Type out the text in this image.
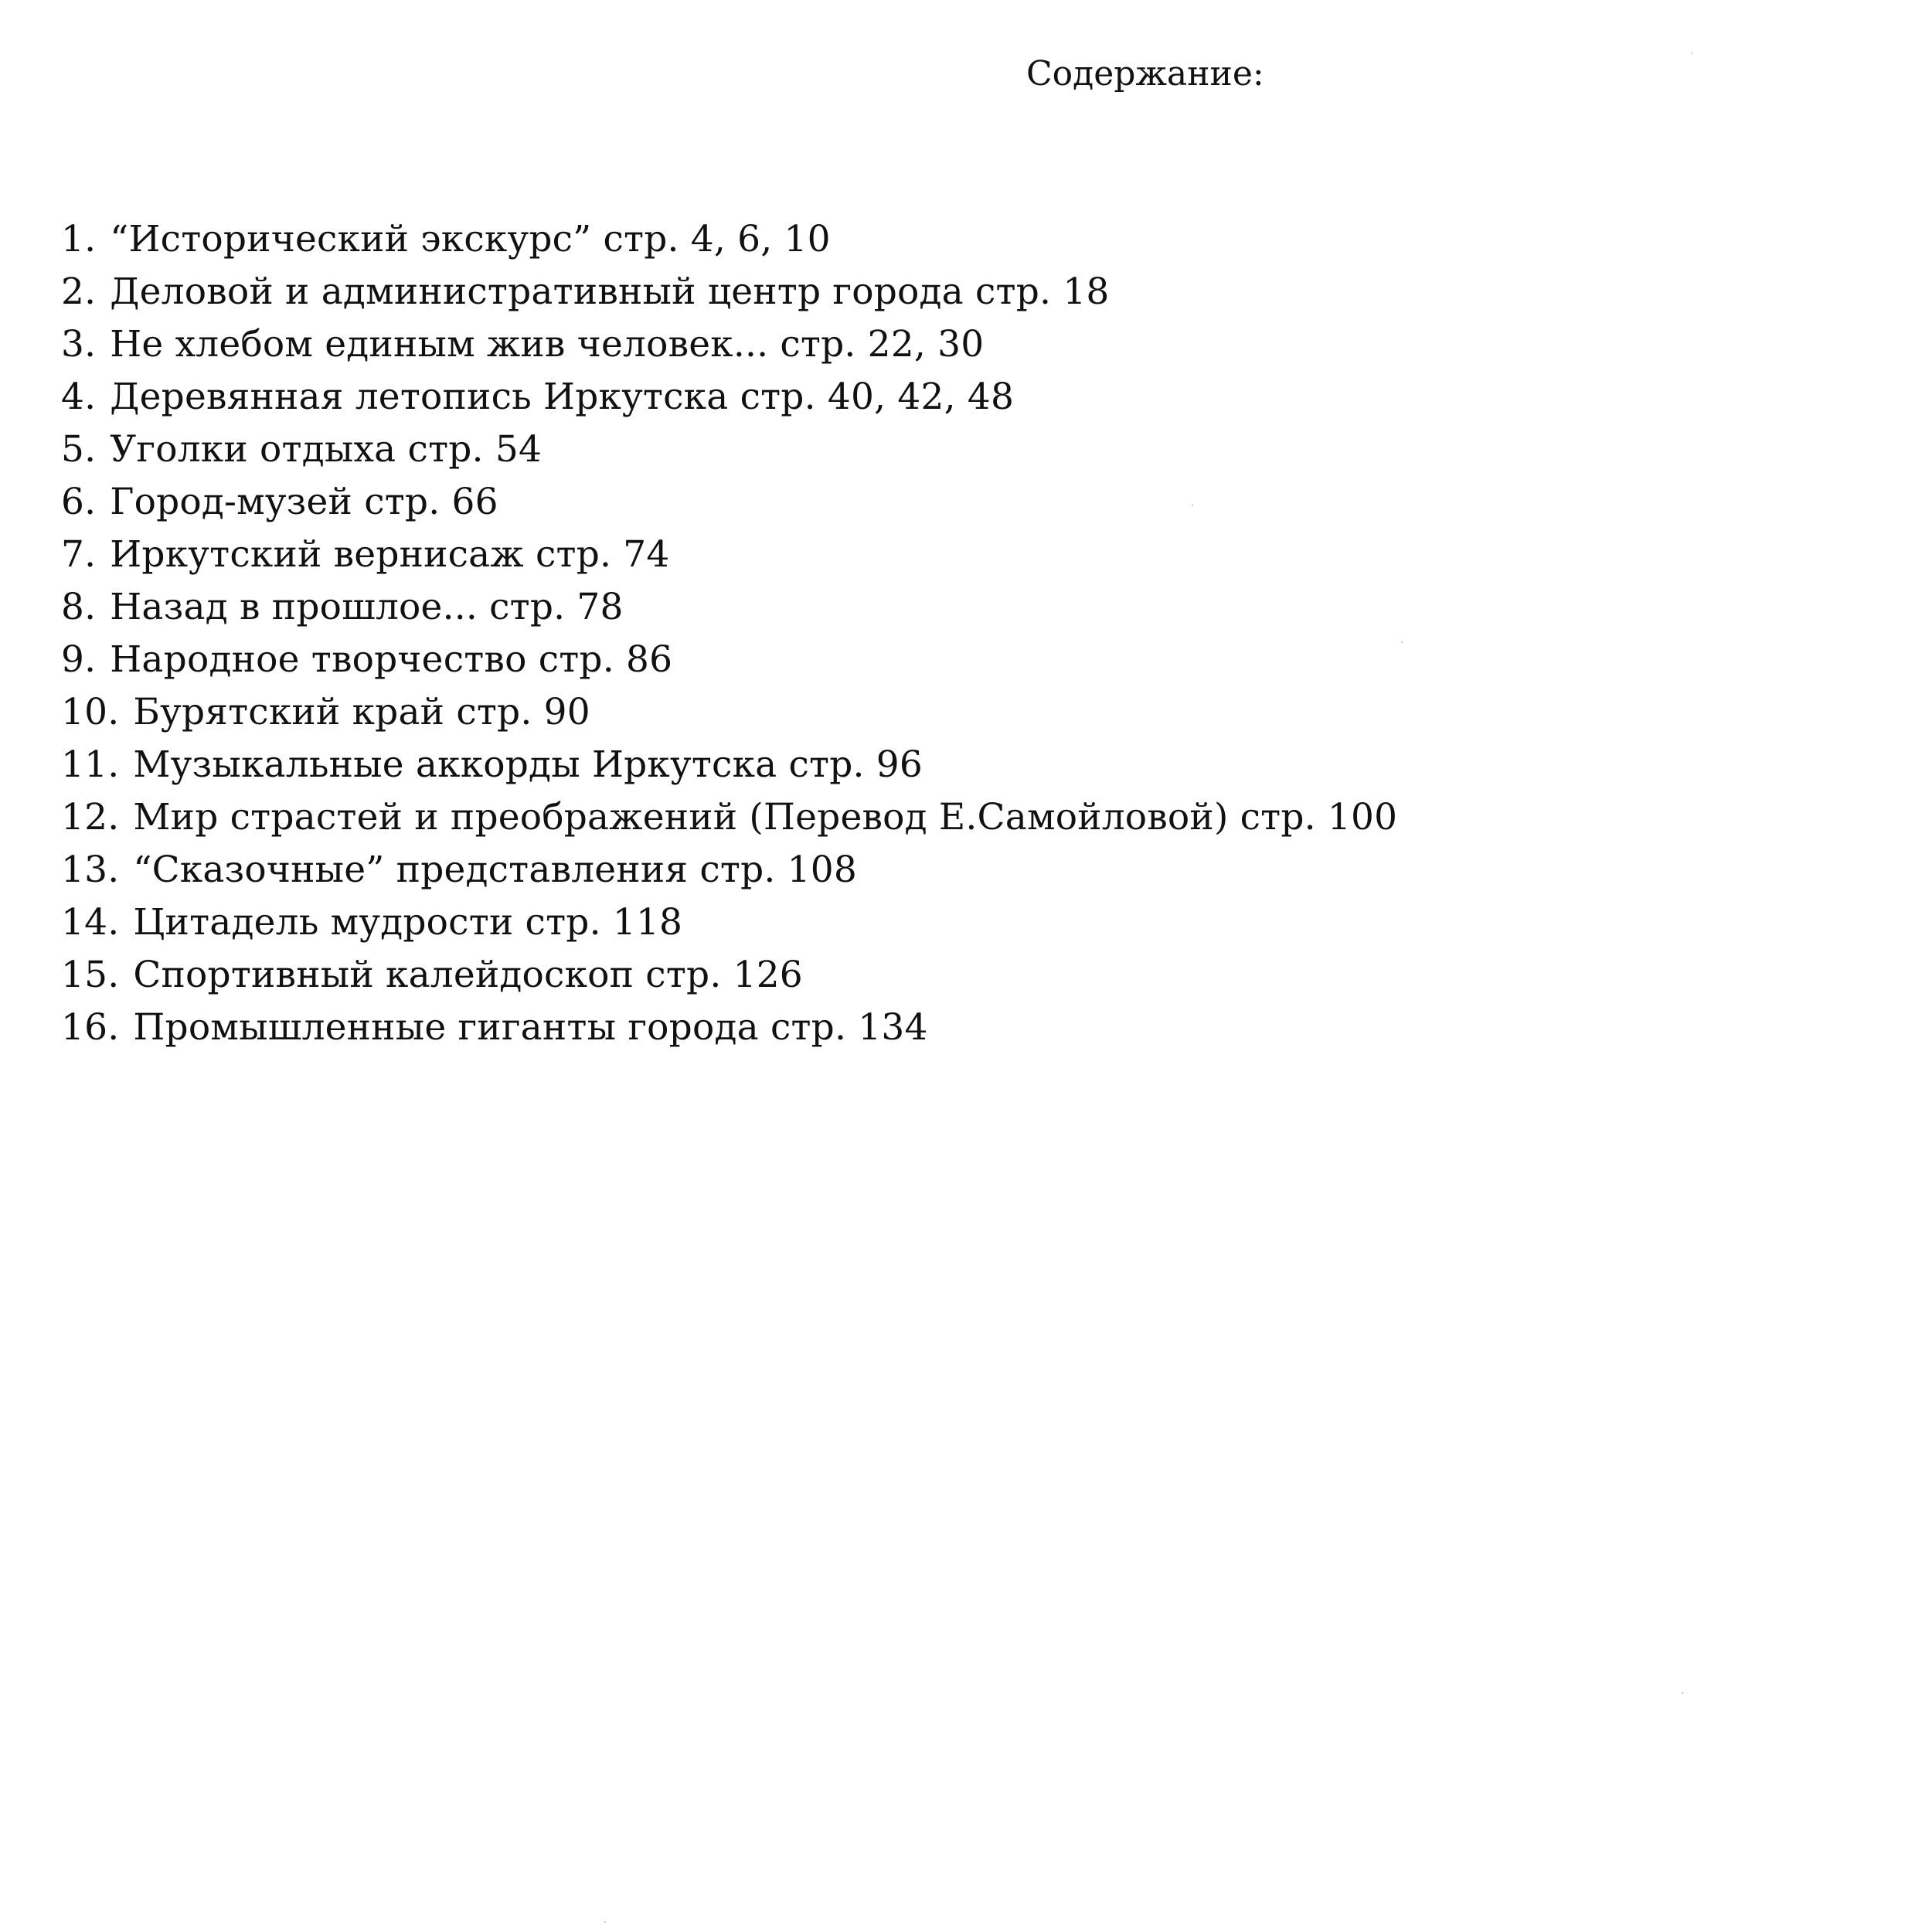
Содержание:
1. “Исторический экскурс” стр. 4, 6, 10
2. Деловой и административный центр города стр. 18
3. Не хлебом единым жив человек... стр. 22, 30
4. Деревянная летопись Иркутска стр. 40, 42, 48
5. Уголки отдыха стр. 54
6. Город-музей стр. 66
7. Иркутский вернисаж стр. 74
8. Назад в прошлое... стр. 78
9. Народное творчество стр. 86
10. Бурятский край стр. 90
11. Музыкальные аккорды Иркутска стр. 96
12. Мир страстей и преображений (Перевод Е.Самойловой) стр. 100
13. “Сказочные” представления стр. 108
14. Цитадель мудрости стр. 118
15. Спортивный калейдоскоп стр. 126
16. Промышленные гиганты города стр. 134
